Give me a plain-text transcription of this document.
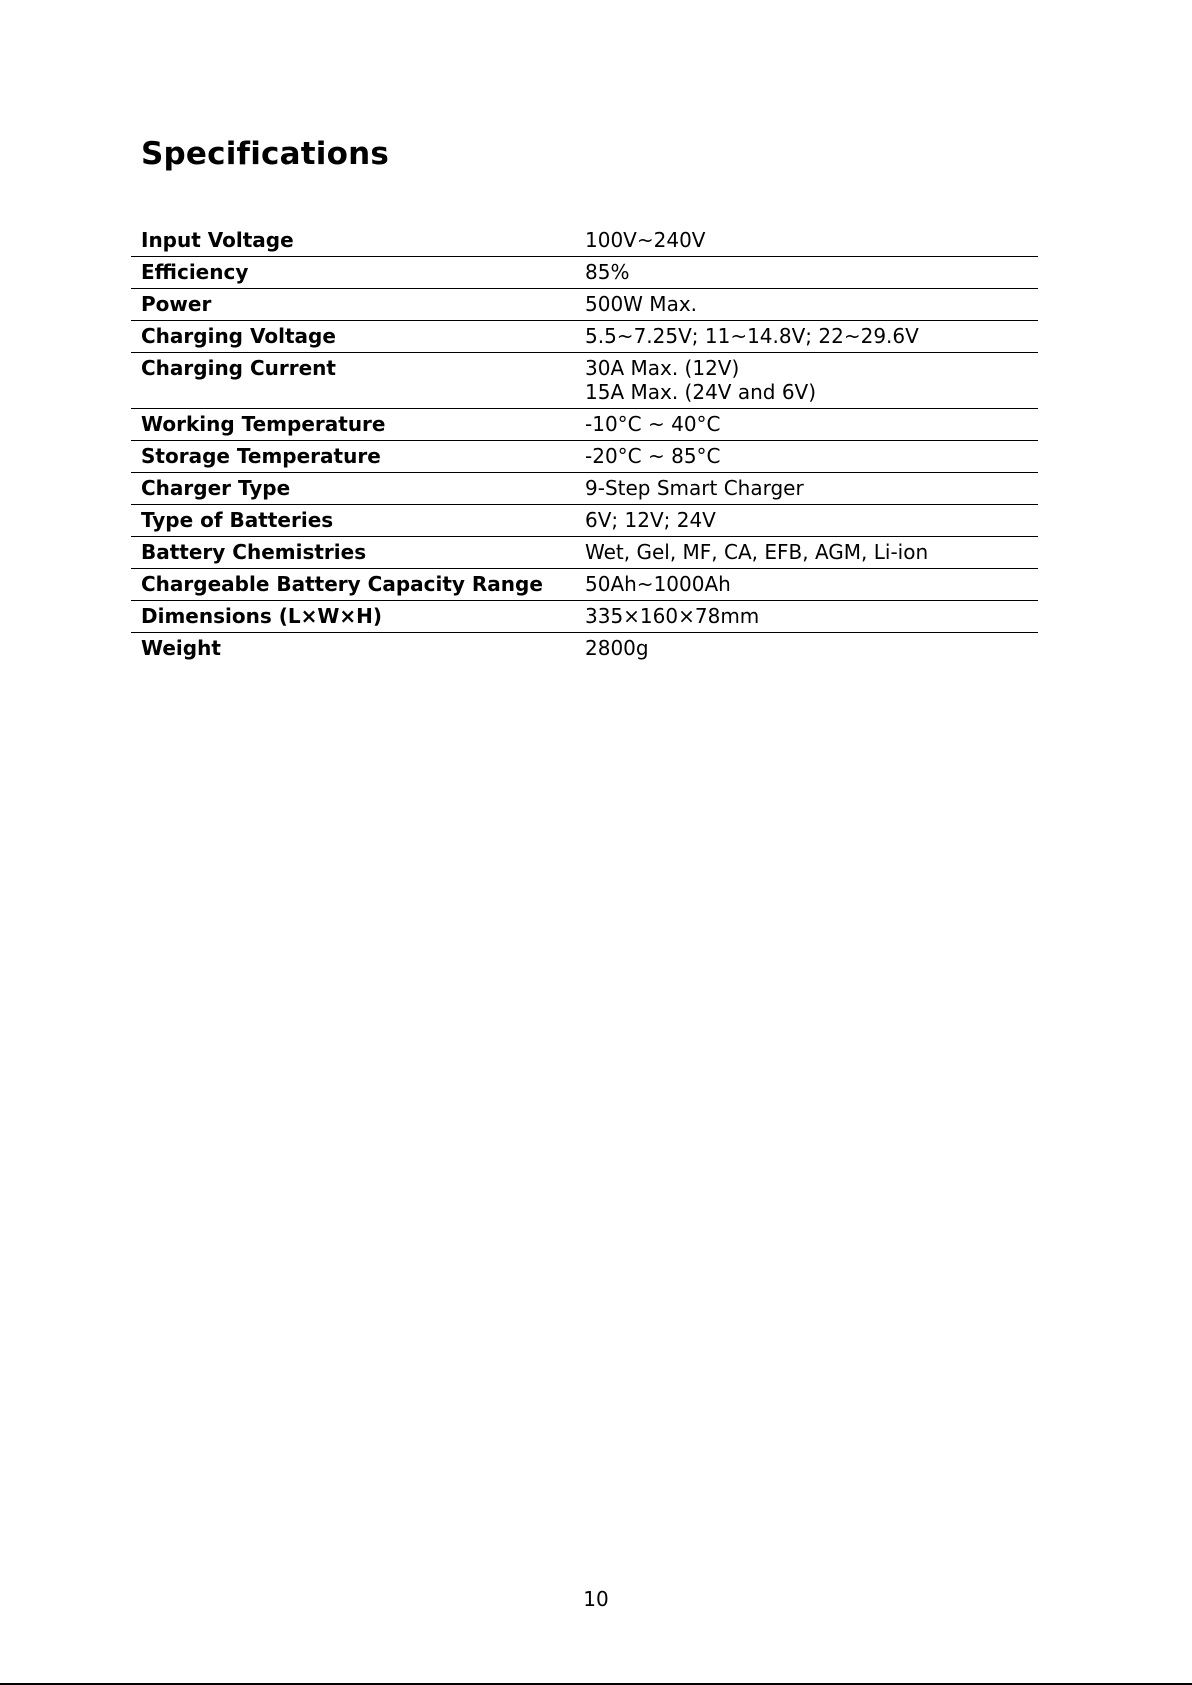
Specifications
Input Voltage	100V~240V
Efficiency	85%
Power	500W Max.
Charging Voltage	5.5~7.25V; 11~14.8V; 22~29.6V
Charging Current	30A Max. (12V)
15A Max. (24V and 6V)
Working Temperature	-10°C ~ 40°C
Storage Temperature	-20°C ~ 85°C
Charger Type	9-Step Smart Charger
Type of Batteries	6V; 12V; 24V
Battery Chemistries	Wet, Gel, MF, CA, EFB, AGM, Li-ion
Chargeable Battery Capacity Range	50Ah~1000Ah
Dimensions (L×W×H)	335×160×78mm
Weight	2800g
10
